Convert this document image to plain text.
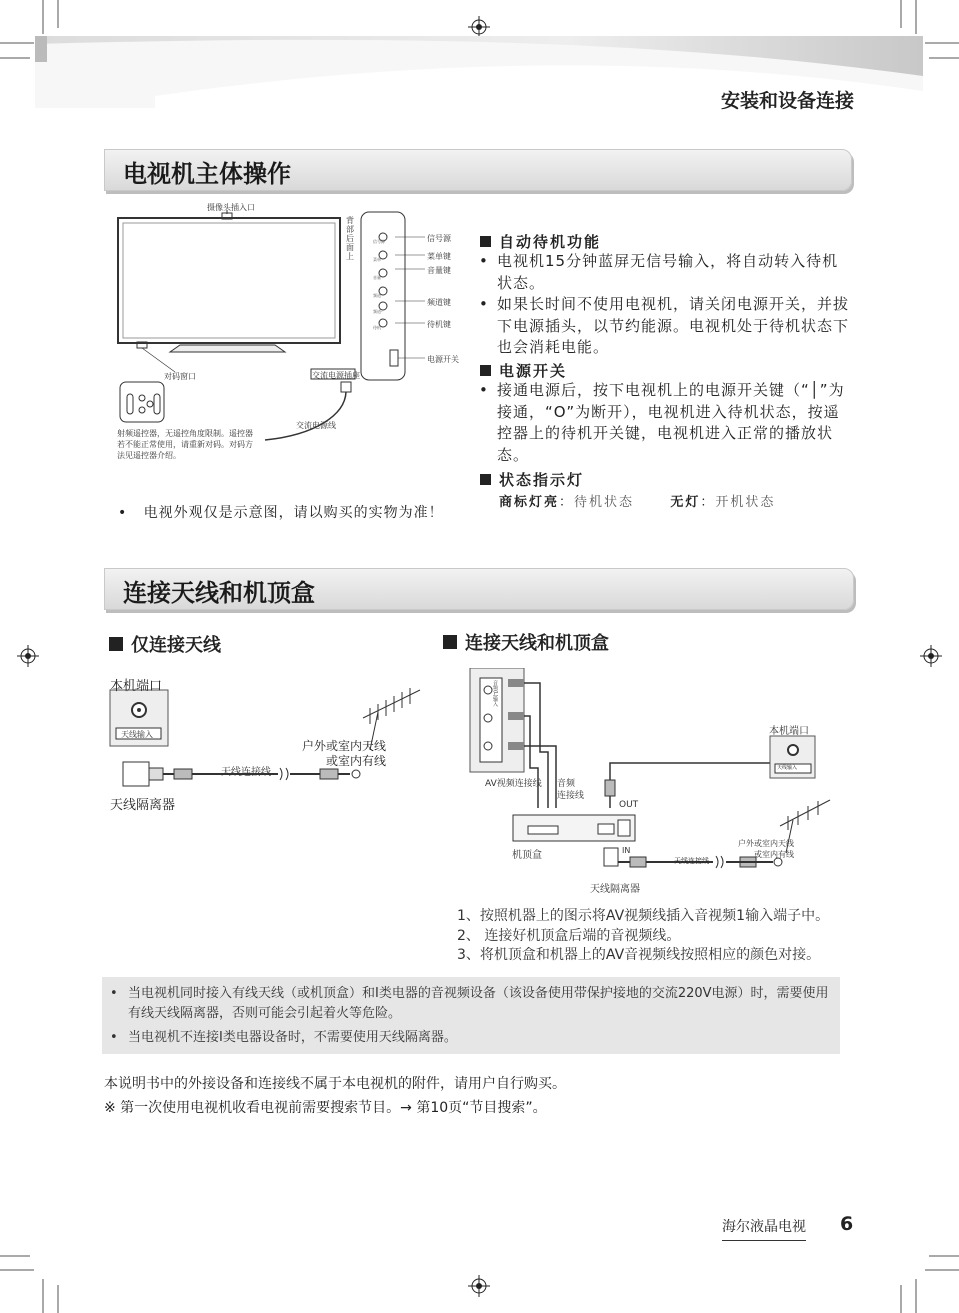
安装和设备连接
电视机主体操作
摄像头插入口
背部后面上
信号源
菜单
音量
频道
频道-
待机
信号源
菜单键
音量键
频道键
待机键
电源开关
对码窗口	交流电源插座
交流电源线
射频遥控器，无遥控角度限制。遥控器若不能正常使用，请重新对码。对码方法见遥控器介绍。
自动待机功能
• 电视机15分钟蓝屏无信号输入，将自动转入待机状态。
• 如果长时间不使用电视机，请关闭电源开关，并拔下电源插头，以节约能源。电视机处于待机状态下也会消耗电能。
电源开关
• 接通电源后，按下电视机上的电源开关键（“│”为接通，“O”为断开），电视机进入待机状态，按遥控器上的待机开关键，电视机进入正常的播放状态。
状态指示灯
商标灯亮：待机状态	无灯：开机状态
•   电视外观仅是示意图，请以购买的实物为准！
连接天线和机顶盒
仅连接天线	连接天线和机顶盒
本机端口
天线输入
天线连接线
户外或室内天线
或室内有线
天线隔离器
音频(L)输入
AV视频连接线 音频
连接线
OUT
机顶盒	IN
天线隔离器
本机端口
天线输入
户外或室内天线
或室内有线
天线连接线
1、按照机器上的图示将AV视频线插入音视频1输入端子中。
2、 连接好机顶盒后端的音视频线。
3、将机顶盒和机器上的AV音视频线按照相应的颜色对接。
• 当电视机同时接入有线天线（或机顶盒）和I类电器的音视频设备（该设备使用带保护接地的交流220V电源）时，需要使用有线天线隔离器，否则可能会引起着火等危险。
• 当电视机不连接I类电器设备时，不需要使用天线隔离器。
本说明书中的外接设备和连接线不属于本电视机的附件，请用户自行购买。
※ 第一次使用电视机收看电视前需要搜索节目。→ 第10页“节目搜索”。
海尔液晶电视 6
